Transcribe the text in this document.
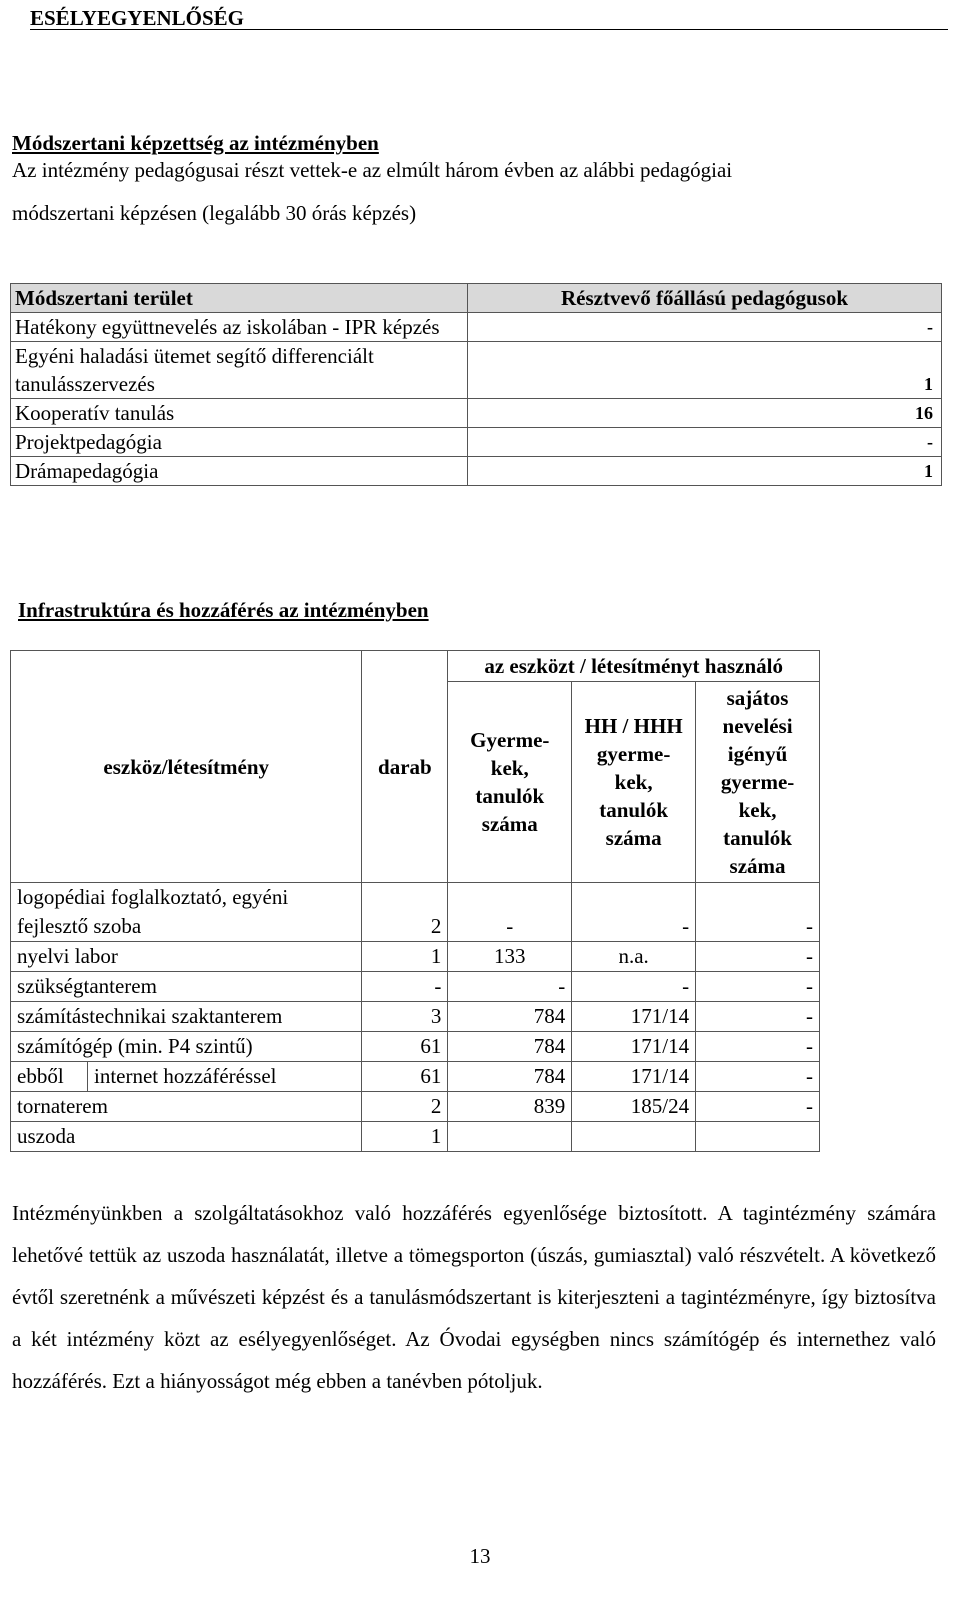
ESÉLYEGYENLŐSÉG
Módszertani képzettség az intézményben
Az intézmény pedagógusai részt vettek-e az elmúlt három évben az alábbi pedagógiai
módszertani képzésen (legalább 30 órás képzés)
Módszertani terület	Résztvevő főállású pedagógusok
Hatékony együttnevelés az iskolában - IPR képzés	-
Egyéni haladási ütemet segítő differenciált tanulásszervezés	1
Kooperatív tanulás	16
Projektpedagógia	-
Drámapedagógia	1
Infrastruktúra és hozzáférés az intézményben
eszköz/létesítmény	darab	az eszközt / létesítményt használó		
		Gyerme-kek, tanulók száma	HH / HHH gyerme-kek, tanulók száma	sajátos nevelési igényű gyerme-kek, tanulók száma
logopédiai foglalkoztató, egyéni fejlesztő szoba	2	-	-	-
nyelvi labor	1	133	n.a.	-
szükségtanterem	-	-	-	-
számítástechnikai szaktanterem	3	784	171/14	-
számítógép (min. P4 szintű)	61	784	171/14	-
ebből internet hozzáféréssel	61	784	171/14	-
tornaterem	2	839	185/24	-
uszoda	1			
Intézményünkben a szolgáltatásokhoz való hozzáférés egyenlősége biztosított. A tagintézmény számára lehetővé tettük az uszoda használatát, illetve a tömegsporton (úszás, gumiasztal) való részvételt. A következő évtől szeretnénk a művészeti képzést és a tanulásmódszertant is kiterjeszteni a tagintézményre, így biztosítva a két intézmény közt az esélyegyenlőséget. Az Óvodai egységben nincs számítógép és internethez való hozzáférés. Ezt a hiányosságot még ebben a tanévben pótoljuk.
13
